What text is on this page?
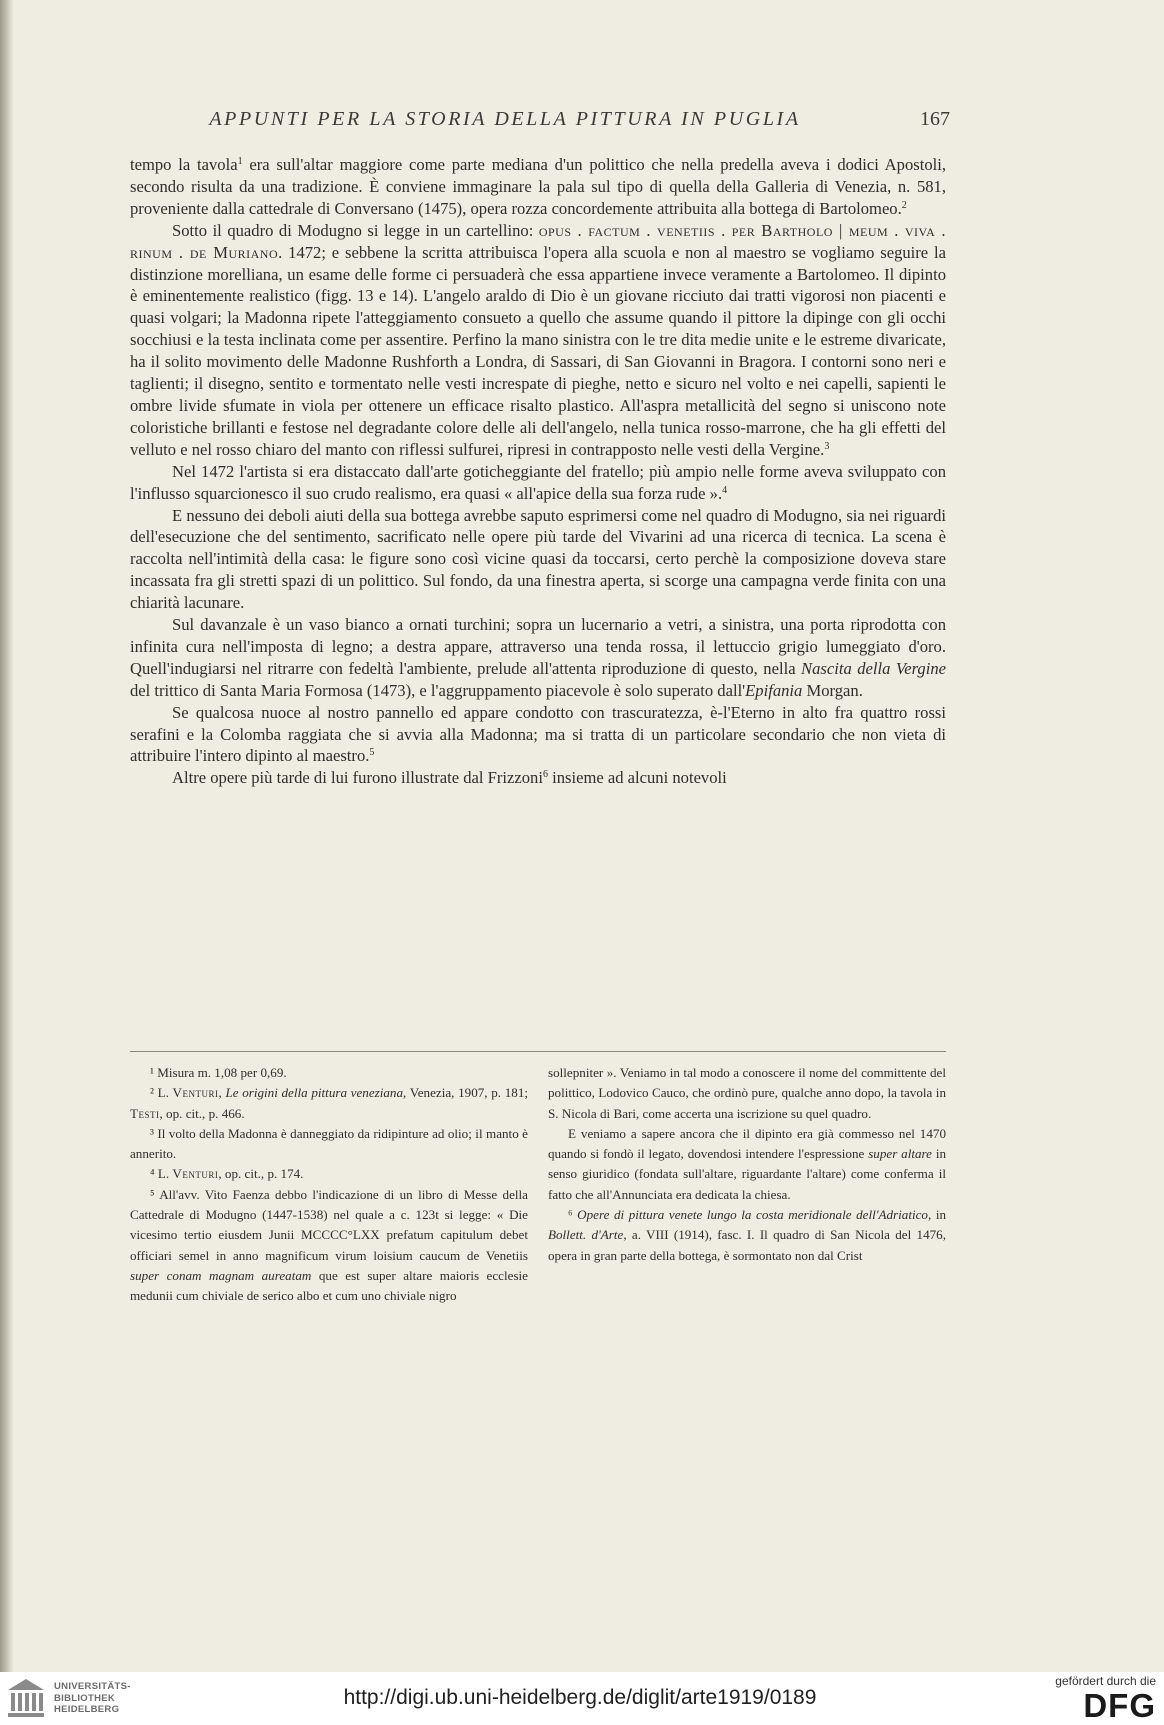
APPUNTI PER LA STORIA DELLA PITTURA IN PUGLIA	167

tempo la tavola$^1$ era sull'altar maggiore come parte mediana d'un polittico che nella predella aveva i dodici Apostoli, secondo risulta da una tradizione. È conviene immaginare la pala sul tipo di quella della Galleria di Venezia, n. 581, proveniente dalla cattedrale di Conversano (1475), opera rozza concordemente attribuita alla bottega di Bartolomeo.$^2$

Sotto il quadro di Modugno si legge in un cartellino: opus . factum . venetiis . per Bartholo | meum . viva . rinum . de Muriano. 1472; e sebbene la scritta attribuisca l'opera alla scuola e non al maestro se vogliamo seguire la distinzione morelliana, un esame delle forme ci persuaderà che essa appartiene invece veramente a Bartolomeo. Il dipinto è eminentemente realistico (figg. 13 e 14). L'angelo araldo di Dio è un giovane ricciuto dai tratti vigorosi non piacenti e quasi volgari; la Madonna ripete l'atteggiamento consueto a quello che assume quando il pittore la dipinge con gli occhi socchiusi e la testa inclinata come per assentire. Perfino la mano sinistra con le tre dita medie unite e le estreme divaricate, ha il solito movimento delle Madonne Rushforth a Londra, di Sassari, di San Giovanni in Bragora. I contorni sono neri e taglienti; il disegno, sentito e tormentato nelle vesti increspate di pieghe, netto e sicuro nel volto e nei capelli, sapienti le ombre livide sfumate in viola per ottenere un efficace risalto plastico. All'aspra metallicità del segno si uniscono note coloristiche brillanti e festose nel degradante colore delle ali dell'angelo, nella tunica rosso-marrone, che ha gli effetti del velluto e nel rosso chiaro del manto con riflessi sulfurei, ripresi in contrapposto nelle vesti della Vergine.$^3$

Nel 1472 l'artista si era distaccato dall'arte goticheggiante del fratello; più ampio nelle forme aveva sviluppato con l'influsso squarcionesco il suo crudo realismo, era quasi « all'apice della sua forza rude ».$^4$

E nessuno dei deboli aiuti della sua bottega avrebbe saputo esprimersi come nel quadro di Modugno, sia nei riguardi dell'esecuzione che del sentimento, sacrificato nelle opere più tarde del Vivarini ad una ricerca di tecnica. La scena è raccolta nell'intimità della casa: le figure sono così vicine quasi da toccarsi, certo perchè la composizione doveva stare incassata fra gli stretti spazi di un polittico. Sul fondo, da una finestra aperta, si scorge una campagna verde finita con una chiarità lacunare.

Sul davanzale è un vaso bianco a ornati turchini; sopra un lucernario a vetri, a sinistra, una porta riprodotta con infinita cura nell'imposta di legno; a destra appare, attraverso una tenda rossa, il lettuccio grigio lumeggiato d'oro. Quell'indugiarsi nel ritrarre con fedeltà l'ambiente, prelude all'attenta riproduzione di questo, nella Nascita della Vergine del trittico di Santa Maria Formosa (1473), e l'aggruppamento piacevole è solo superato dall'Epifania Morgan.

Se qualcosa nuoce al nostro pannello ed appare condotto con trascuratezza, è-l'Eterno in alto fra quattro rossi serafini e la Colomba raggiata che si avvia alla Madonna; ma si tratta di un particolare secondario che non vieta di attribuire l'intero dipinto al maestro.$^5$

Altre opere più tarde di lui furono illustrate dal Frizzoni$^6$ insieme ad alcuni notevoli

¹ Misura m. 1,08 per 0,69.

² L. Venturi, Le origini della pittura veneziana, Venezia, 1907, p. 181; Testi, op. cit., p. 466.

³ Il volto della Madonna è danneggiato da ridipinture ad olio; il manto è annerito.

⁴ L. Venturi, op. cit., p. 174.

⁵ All'avv. Vito Faenza debbo l'indicazione di un libro di Messe della Cattedrale di Modugno (1447-1538) nel quale a c. 123t si legge: « Die vicesimo tertio eiusdem Junii MCCCC°LXX prefatum capitulum debet officiari semel in anno magnificum virum loisium caucum de Venetiis super conam magnam aureatam que est super altare maioris ecclesie medunii cum chiviale de serico albo et cum uno chiviale nigro

sollepniter ». Veniamo in tal modo a conoscere il nome del committente del polittico, Lodovico Cauco, che ordinò pure, qualche anno dopo, la tavola in S. Nicola di Bari, come accerta una iscrizione su quel quadro.

E veniamo a sapere ancora che il dipinto era già commesso nel 1470 quando si fondò il legato, dovendosi intendere l'espressione super altare in senso giuridico (fondata sull'altare, riguardante l'altare) come conferma il fatto che all'Annunciata era dedicata la chiesa.

⁶ Opere di pittura venete lungo la costa meridionale dell'Adriatico, in Bollett. d'Arte, a. VIII (1914), fasc. I. Il quadro di San Nicola del 1476, opera in gran parte della bottega, è sormontato non dal Crist

UNIVERSITÄTS-
BIBLIOTHEK
HEIDELBERG
http://digi.ub.uni-heidelberg.de/diglit/arte1919/0189
gefördert durch die
DFG
